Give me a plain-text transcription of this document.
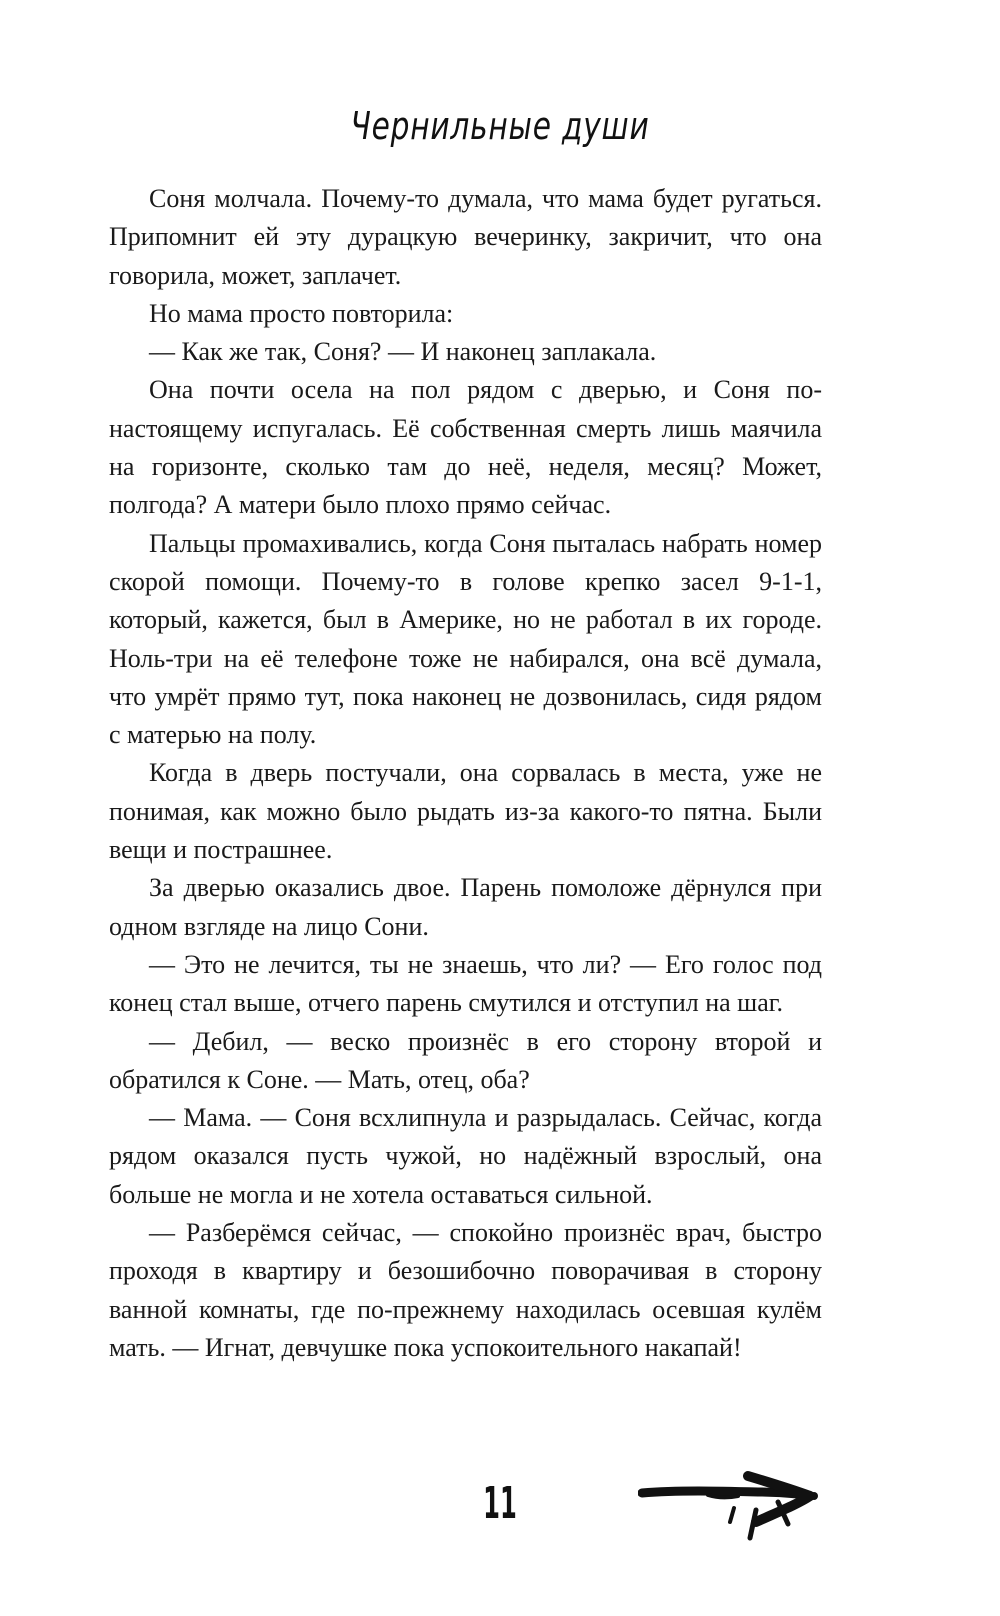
Чернильные души

Соня молчала. Почему-то думала, что мама будет ругаться. Припомнит ей эту дурацкую вечеринку, закричит, что она говорила, может, заплачет.

Но мама просто повторила:

— Как же так, Соня? — И наконец заплакала.

Она почти осела на пол рядом с дверью, и Соня по-настоящему испугалась. Её собственная смерть лишь маячила на горизонте, сколько там до неё, неделя, месяц? Может, полгода? А матери было плохо прямо сейчас.

Пальцы промахивались, когда Соня пыталась набрать номер скорой помощи. Почему-то в голове крепко засел 9-1-1, который, кажется, был в Америке, но не работал в их городе. Ноль-три на её телефоне тоже не набирался, она всё думала, что умрёт прямо тут, пока наконец не дозвонилась, сидя рядом с матерью на полу.

Когда в дверь постучали, она сорвалась в места, уже не понимая, как можно было рыдать из-за какого-то пятна. Были вещи и пострашнее.

За дверью оказались двое. Парень помоложе дёрнулся при одном взгляде на лицо Сони.

— Это не лечится, ты не знаешь, что ли? — Его голос под конец стал выше, отчего парень смутился и отступил на шаг.

— Дебил, — веско произнёс в его сторону второй и обратился к Соне. — Мать, отец, оба?

— Мама. — Соня всхлипнула и разрыдалась. Сейчас, когда рядом оказался пусть чужой, но надёжный взрослый, она больше не могла и не хотела оставаться сильной.

— Разберёмся сейчас, — спокойно произнёс врач, быстро проходя в квартиру и безошибочно поворачивая в сторону ванной комнаты, где по-прежнему находилась осевшая кулём мать. — Игнат, девчушке пока успокоительного накапай!

11
